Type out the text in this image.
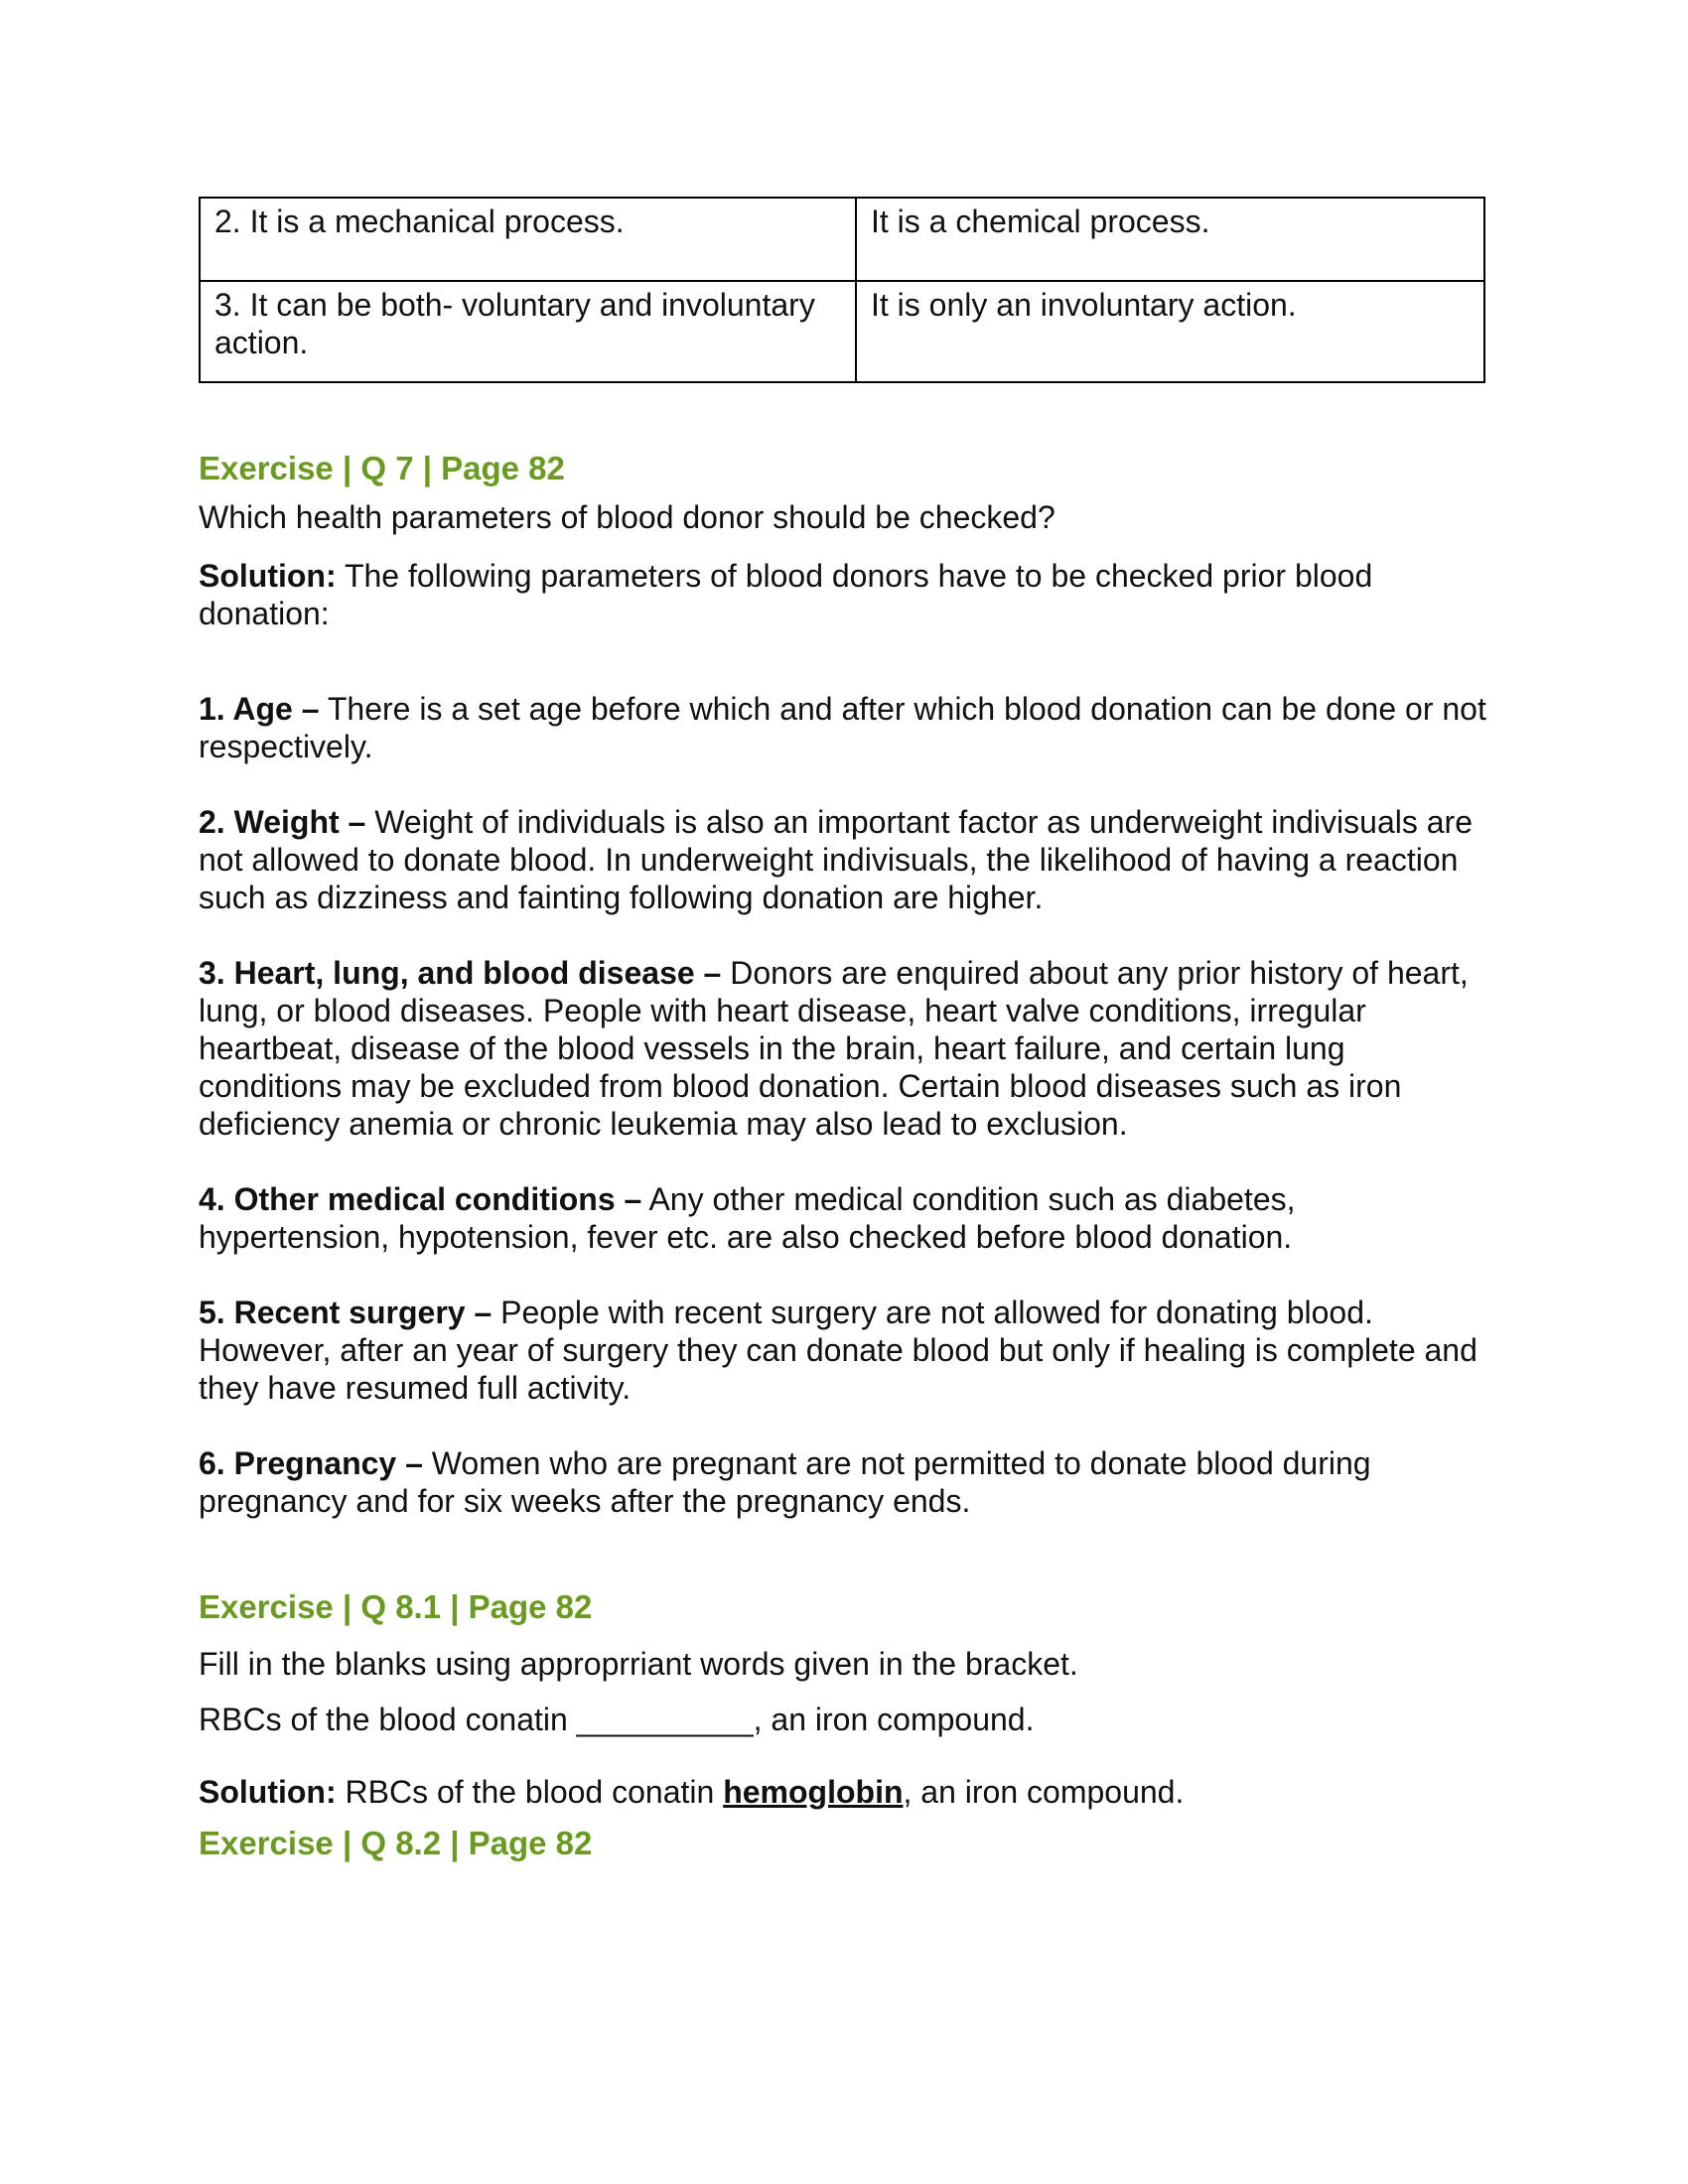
2. It is a mechanical process.	It is a chemical process.
3. It can be both- voluntary and involuntary action.	It is only an involuntary action.
Exercise | Q 7 | Page 82

Which health parameters of blood donor should be checked?

Solution: The following parameters of blood donors have to be checked prior blood donation:

1. Age – There is a set age before which and after which blood donation can be done or not respectively.

2. Weight – Weight of individuals is also an important factor as underweight indivisuals are not allowed to donate blood. In underweight indivisuals, the likelihood of having a reaction such as dizziness and fainting following donation are higher.

3. Heart, lung, and blood disease – Donors are enquired about any prior history of heart, lung, or blood diseases. People with heart disease, heart valve conditions, irregular heartbeat, disease of the blood vessels in the brain, heart failure, and certain lung conditions may be excluded from blood donation. Certain blood diseases such as iron deficiency anemia or chronic leukemia may also lead to exclusion.

4. Other medical conditions – Any other medical condition such as diabetes, hypertension, hypotension, fever etc. are also checked before blood donation.

5. Recent surgery – People with recent surgery are not allowed for donating blood. However, after an year of surgery they can donate blood but only if healing is complete and they have resumed full activity.

6. Pregnancy – Women who are pregnant are not permitted to donate blood during pregnancy and for six weeks after the pregnancy ends.

Exercise | Q 8.1 | Page 82

Fill in the blanks using approprriant words given in the bracket.

RBCs of the blood conatin __________, an iron compound.

Solution: RBCs of the blood conatin hemoglobin, an iron compound.

Exercise | Q 8.2 | Page 82
